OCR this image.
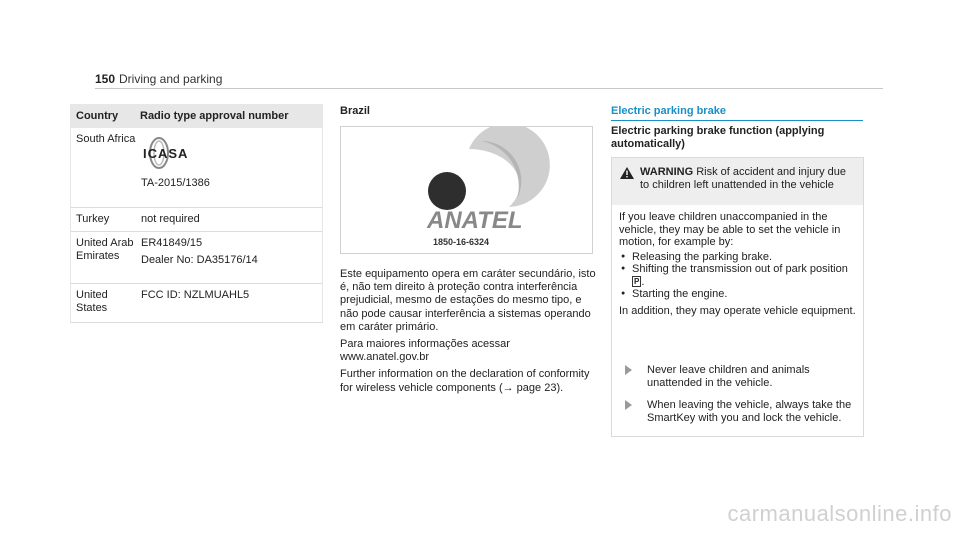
150 Driving and parking
Country	Radio type approval number
South Africa
ICASA
TA-2015/1386
Turkey	not required
United Arab Emirates
ER41849/15
Dealer No: DA35176/14
United States
FCC ID: NZLMUAHL5
Brazil
ANATEL
1850-16-6324

Este equipamento opera em caráter secundário, isto é, não tem direito à proteção contra interferência prejudicial, mesmo de estações do mesmo tipo, e não pode causar interferência a sistemas operando em caráter primário.

Para maiores informações acessar www.anatel.gov.br

Further information on the declaration of conformity for wireless vehicle components (→ page 23).

Electric parking brake
Electric parking brake function (applying automatically)
WARNING Risk of accident and injury due to children left unattended in the vehicle

If you leave children unaccompanied in the vehicle, they may be able to set the vehicle in motion, for example by:

● Releasing the parking brake.
● Shifting the transmission out of park position P .
● Starting the engine.

In addition, they may operate vehicle equipment.

Never leave children and animals unattended in the vehicle.
When leaving the vehicle, always take the SmartKey with you and lock the vehicle.
carmanualsonline.info
